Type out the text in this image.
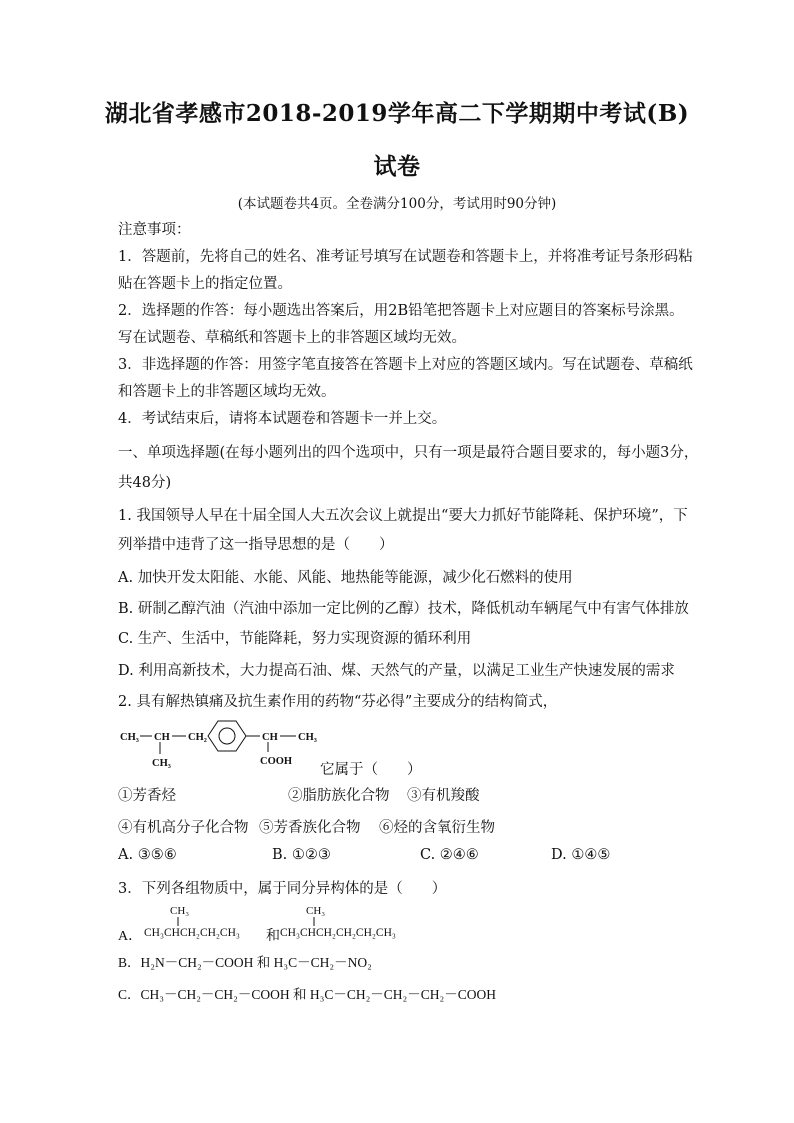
湖北省孝感市2018-2019学年高二下学期期中考试(B)
试卷
(本试题卷共4页。全卷满分100分，考试用时90分钟)
注意事项：
1．答题前，先将自己的姓名、准考证号填写在试题卷和答题卡上，并将准考证号条形码粘
贴在答题卡上的指定位置。
2．选择题的作答：每小题选出答案后，用2B铅笔把答题卡上对应题目的答案标号涂黑。
写在试题卷、草稿纸和答题卡上的非答题区域均无效。
3．非选择题的作答：用签字笔直接答在答题卡上对应的答题区域内。写在试题卷、草稿纸
和答题卡上的非答题区域均无效。
4．考试结束后，请将本试题卷和答题卡一并上交。
一、单项选择题(在每小题列出的四个选项中，只有一项是最符合题目要求的，每小题3分，
共48分)
1. 我国领导人早在十届全国人大五次会议上就提出“要大力抓好节能降耗、保护环境”，下
列举措中违背了这一指导思想的是（　　）
A. 加快开发太阳能、水能、风能、地热能等能源，减少化石燃料的使用
B. 研制乙醇汽油（汽油中添加一定比例的乙醇）技术，降低机动车辆尾气中有害气体排放
C. 生产、生活中，节能降耗，努力实现资源的循环利用
D. 利用高新技术，大力提高石油、煤、天然气的产量，以满足工业生产快速发展的需求
2. 具有解热镇痛及抗生素作用的药物“芬必得”主要成分的结构简式，
CH₃ CH CH₂
CH₃
CH CH₃
COOH
它属于（　　）
①芳香烃	②脂肪族化合物 ③有机羧酸
④有机高分子化合物 ⑤芳香族化合物 ⑥烃的含氧衍生物
A. ③⑤⑥	B. ①②③	C. ②④⑥	D. ①④⑤
3．下列各组物质中，属于同分异构体的是（　　）
A．
CH₃
CH₃CHCH₂CH₂CH₃ 和
CH₃
CH₃CHCH₂CH₂CH₂CH₃
B．H₂N－CH₂－COOH 和 H₃C－CH₂－NO₂
C．CH₃－CH₂－CH₂－COOH 和 H₃C－CH₂－CH₂－CH₂－COOH
